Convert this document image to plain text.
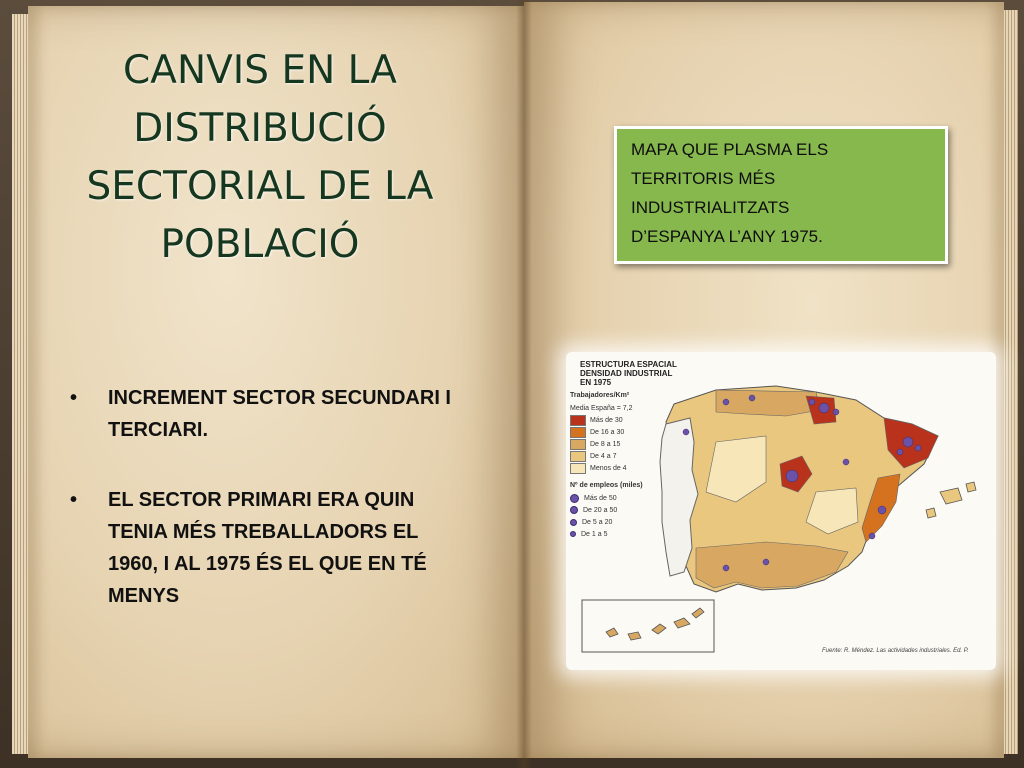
CANVIS EN LA
DISTRIBUCIÓ
SECTORIAL DE LA
POBLACIÓ
• INCREMENT SECTOR SECUNDARI I
TERCIARI.
• EL SECTOR PRIMARI ERA QUIN
TENIA MÉS TREBALLADORS EL
1960, I AL 1975 ÉS EL QUE EN TÉ
MENYS
MAPA QUE PLASMA ELS
TERRITORIS MÉS
INDUSTRIALITZATS
D’ESPANYA L’ANY 1975.
ESTRUCTURA ESPACIAL
DENSIDAD INDUSTRIAL
EN 1975
Trabajadores/Km²
Media España = 7,2
Más de 30
De 16 a 30
De 8 a 15
De 4 a 7
Menos de 4
Nº de empleos (miles)
Más de 50
De 20 a 50
De 5 a 20
De 1 a 5
Fuente: R. Méndez. Las actividades industriales. Ed. P.
